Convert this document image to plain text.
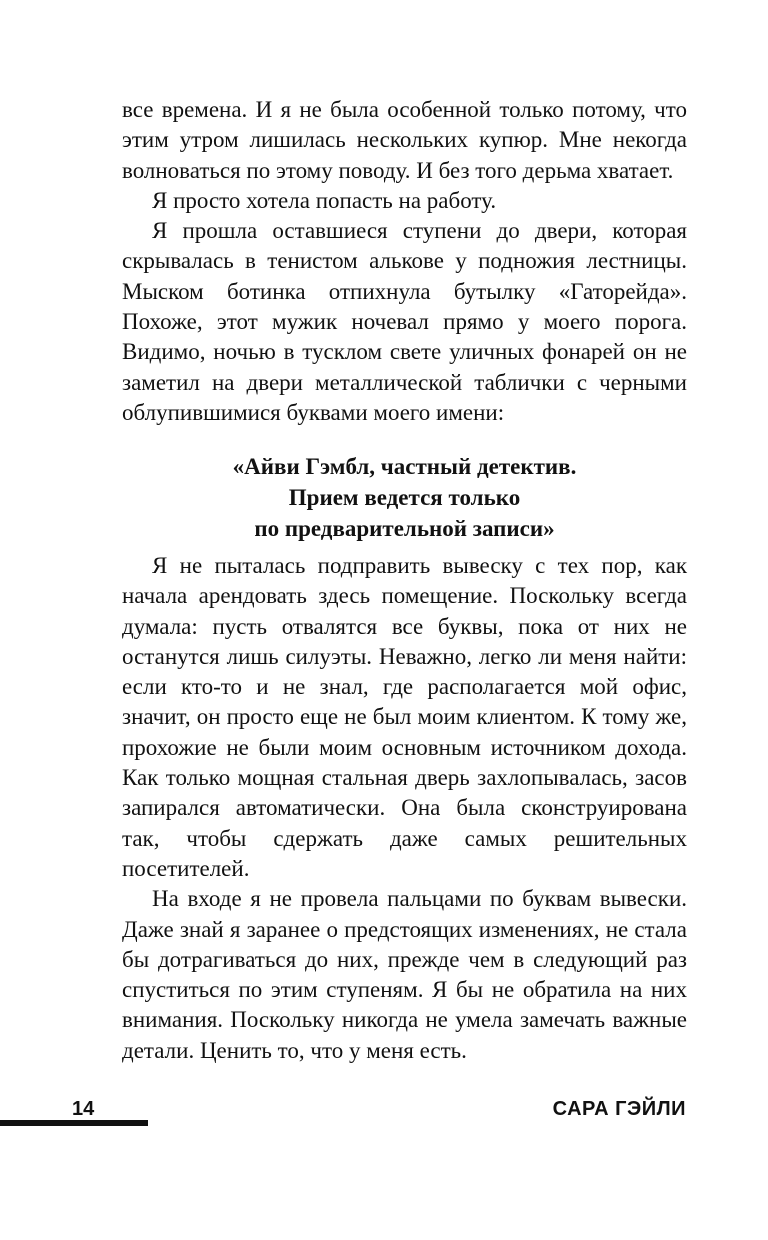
все времена. И я не была особенной только потому, что этим утром лишилась нескольких купюр. Мне некогда волноваться по этому поводу. И без того дерьма хватает.

Я просто хотела попасть на работу.

Я прошла оставшиеся ступени до двери, которая скрывалась в тенистом алькове у подножия лестницы. Мыском ботинка отпихнула бутылку «Гаторейда». Похоже, этот мужик ночевал прямо у моего порога. Видимо, ночью в тусклом свете уличных фонарей он не заметил на двери металлической таблички с черными облупившимися буквами моего имени:

«Айви Гэмбл, частный детектив.
Прием ведется только
по предварительной записи»

Я не пыталась подправить вывеску с тех пор, как начала арендовать здесь помещение. Поскольку всегда думала: пусть отвалятся все буквы, пока от них не останутся лишь силуэты. Неважно, легко ли меня найти: если кто-то и не знал, где располагается мой офис, значит, он просто еще не был моим клиентом. К тому же, прохожие не были моим основным источником дохода. Как только мощная стальная дверь захлопывалась, засов запирался автоматически. Она была сконструирована так, чтобы сдержать даже самых решительных посетителей.

На входе я не провела пальцами по буквам вывески. Даже знай я заранее о предстоящих изменениях, не стала бы дотрагиваться до них, прежде чем в следующий раз спуститься по этим ступеням. Я бы не обратила на них внимания. Поскольку никогда не умела замечать важные детали. Ценить то, что у меня есть.

14	САРА ГЭЙЛИ
